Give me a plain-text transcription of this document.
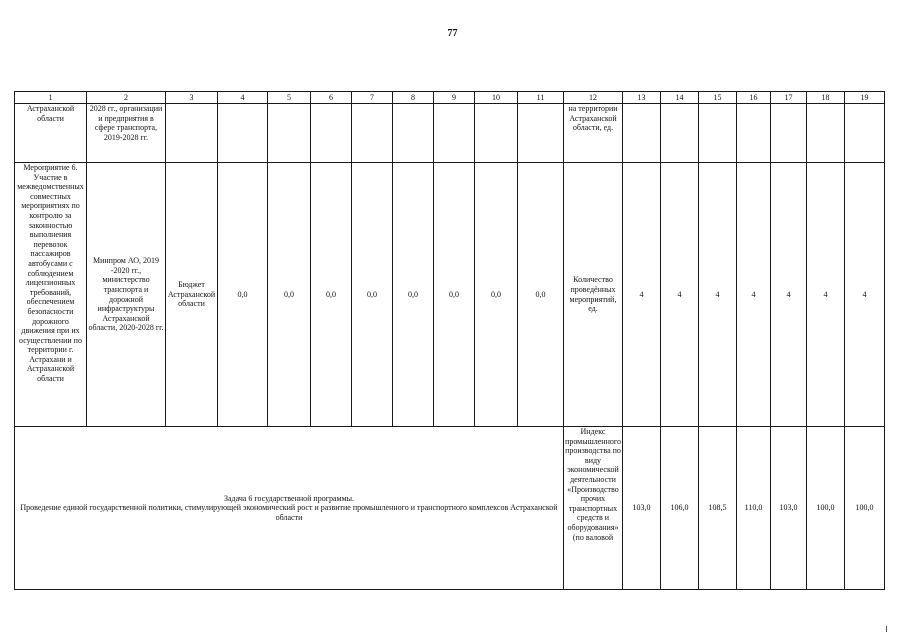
77
1	2	3	4	5	6	7	8	9	10	11	12	13	14	15	16	17	18	19
Астраханской области	2028 гг., организации и предприятия в сфере транспорта, 2019-2028 гг.										на территории Астраханской области, ед.							
Мероприятие 6. Участие в межведомственных совместных мероприятиях по контролю за законностью выполнения перевозок пассажиров автобусами с соблюдением лицензионных требований, обеспечением безопасности дорожного движения при их осуществлении по территории г. Астрахани и Астраханской области	Минпром АО, 2019 -2020 гг., министерство транспорта и дорожной инфраструктуры Астраханской области, 2020-2028 гг.	Бюджет Астраханской области	0,0	0,0	0,0	0,0	0,0	0,0	0,0	0,0	Количество проведённых мероприятий, ед.	4	4	4	4	4	4	4

Задача 6 государственной программы.
Проведение единой государственной политики, стимулирующей экономический рост и развитие промышленного и транспортного комплексов Астраханской области											Индекс промышленного производства по виду экономической деятельности «Производство прочих транспортных средств и оборудования» (по валовой	103,0	106,0	108,5	110,0	103,0	100,0	100,0
